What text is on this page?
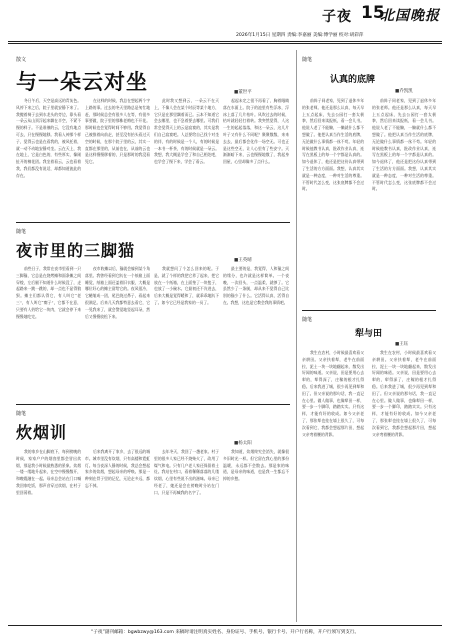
子夜 15
北国晚报
2026年1月15日 星期四 责编:李嘉丽 美编:傅学丽 校对:胡彩萍
散文
与一朵云对坐	■董世平
冬日午后，天空是高远的青灰色。风停下来之后，院子里就安静下来了。我搬着椅子去到水龙头的旁边，靠头看一朵云从山顶浮起来飘在半空，不紧不慢的样子。不是谁催的云，它没有地点可去，只在慢慢地移。我看入神那个样子，觉得云也是在看我的，被风托着，就一动不动地安静对坐。云在天上，我在地上，它是白色的，有些厚实，像刚扯开的棉花团。我坐着看云，云也看着我，我们都没有说话，却都知道彼此的存在。
在这样的时候，我总在想起两个字上路的事。过去的冬天里路总是匆忙地赶，那时候总会有很多人在等，有很多事要做，院子里的那株老梅也不开花。那时候也会觉得时间不够用。我觉得自己被推着向前走，甚至没有抬头看过天空的时候，在那个院子里的云，其实一直都在那里的，从前也在，从前的云也是这样慢慢移着的，只是那时的我没看见它。
此时我又想到云，一朵云不在天上，不像人会在某个时辰等某个地方，它只是在那里飘着而已。云本不知道它会去哪里，也不急着要去哪里。可我们常会觉得天上的云是寂寞的，其实是我们自己寂寞吧。人总要给自己找个对坐的伴，有的时候是一个人，有的时候是一本书一杯茶，有的时候就是一朵云。我想，我大概是学会了和自己相处吧，也学会了慢下来，学会了看云。
起起未定之很不再看了，胸着眼睛落在水面上。院子的池里有些浮冰，浮冰上落了几片枯叶。风吹过去的时候，枯叶就轻轻打着转。我突然觉得，人这一生的起起落落，和这一朵云，这几片叶子又有什么不同呢？聚聚散散，来来去去，最后都会化作一场空无。可也正是这些空无，让人心里有了些安宁。天渐渐暗下来，云也慢慢地散了，我起身回屋，心里却像多了点什么。
随笔
夜市里的三脚猫
■王英晴
前些日子，我常在夜市里看到一只三脚猫，它总是在烧烤摊和面条摊之间穿梭，左后腿不知道什么时候没了，走起路来一跳一跳的，却一点也不显得狼狈。摊主们都认得它，有人叫它“老三”，有人叫它“瘸子”，它都不在意，只要有人扔给它一块肉，它就会停下来慢慢地吃完。
夜市收摊以后，猫就会躲到某个角落里。我曾经看到它趴在一个纸箱上面睡觉，纸箱上面还盖着旧衣服，大概是哪位好心的摊主留给它的。夜风很冷，它蜷缩成一团，尾巴绕过鼻子，看起来很满足。后来几天我都特意去看它，它一见我来了，就会警觉地竖起耳朵，然后又慢慢放松下来。
我就想问了个怎么回来的呢。于是，就了个样的我把它养了起来，把它放在一个纸箱，在上面垫了一块毯子，也放了一小碗水。它最初还不肯进去，后来大概是觉得暖和了，就乖乖地趴下了。如今它已经是我家的一员了。
最主要的是，我觉得，人和猫之间的缘分，也许就是这样简单。一个夜晚，一次回头，一点温柔，就够了。它虽然少了一条腿，却从来不觉得自己比别的猫少了什么。它活得认真，活得自在。我想，这也是它教会我的事情吧。
随笔
炊烟训
■杨太阳
我的家乡在山脚底下，每到傍晚的时候，家家户户的烟囱里都会冒出炊烟，那是我小时候最熟悉的景象。炊烟一缕一缕地升起来，在空中慢慢散开，和晚霞融在一起。母亲总会站在门口喊我回家吃饭，那声音穿过炊烟，在村子里回荡着。
后来我离开了家乡，去了很远的城市。城市里没有炊烟，只有高楼和霓虹灯。每当夜深人静的时候，我总会想起家乡的炊烟，想起母亲的呼唤。那是一种刻在骨子里的记忆，无论走多远，都忘不掉。
去年冬天，我回了一趟老家。村子里的很多人家已经不烧柴火了，改用了煤气和电。只有几户老人家还保留着土灶。我站在村口，看着稀稀落落的几缕炊烟，心里有些说不出的滋味。母亲已经老了，她还是会在傍晚时分站在门口，只是不再喊我的名字了。
我知道，炊烟终究会消失，就像很多旧时光一样。但它留在我心里的那份温暖，永远都不会散去。那是家的味道，是母亲的味道，也是我一生都忘不掉的乡愁。
随笔
认真的底牌
■乔凯凯
前阵子同老家，见到了退休多年的张老师。他还是那么认真，每天早上五点起床，先去公园打一套太极拳，然后回来读报纸，看一会儿书。他说人老了不能懒，一懒就什么都不想做了。他把认真当作生活的底牌，无论做什么事情都一丝不苟。年轻的时候他教书认真，批改作业认真，连写在黑板上的每一个字都是认真的。如今退休了，他还是把这份认真带到了生活的方方面面。我想，认真其实就是一种态度，一种对生活的尊重。不管时代怎么变，这张底牌都不会过时。
前阵子同老家，见到了退休多年的张老师。他还是那么认真，每天早上五点起床，先去公园打一套太极拳，然后回来读报纸，看一会儿书。他说人老了不能懒，一懒就什么都不想做了。他把认真当作生活的底牌，无论做什么事情都一丝不苟。年轻的时候他教书认真，批改作业认真，连写在黑板上的每一个字都是认真的。如今退休了，他还是把这份认真带到了生活的方方面面。我想，认真其实就是一种态度，一种对生活的尊重。不管时代怎么变，这张底牌都不会过时。
随笔
犁与田
■王钰
我生在农村，小时候最喜欢看父亲耕田。父亲扶着犁，老牛在前面拉，泥土一块一块地翻起来，散发出好闻的味道。父亲说，田是要用心去犁的，犁得深了，庄稼的根才扎得稳。后来我进了城，很少再见到犁和田了。但父亲说的那句话，我一直记在心里。做人做事，也像犁田一样，要一步一个脚印，踏踏实实。只有这样，才能有好的收成。如今父亲老了，那张犁也挂在墙上很久了，可每次看到它，我都会想起那片田，想起父亲弯着腰的背影。
我生在农村，小时候最喜欢看父亲耕田。父亲扶着犁，老牛在前面拉，泥土一块一块地翻起来，散发出好闻的味道。父亲说，田是要用心去犁的，犁得深了，庄稼的根才扎得稳。后来我进了城，很少再见到犁和田了。但父亲说的那句话，我一直记在心里。做人做事，也像犁田一样，要一步一个脚印，踏踏实实。只有这样，才能有好的收成。如今父亲老了，那张犁也挂在墙上很久了，可每次看到它，我都会想起那片田，想起父亲弯着腰的背影。
“子夜”副刊邮箱：bgwbzwy@163.com 来稿时请注明真实姓名、身份证号、手机号、银行卡号、开户行名称，开户行须写到支行。
